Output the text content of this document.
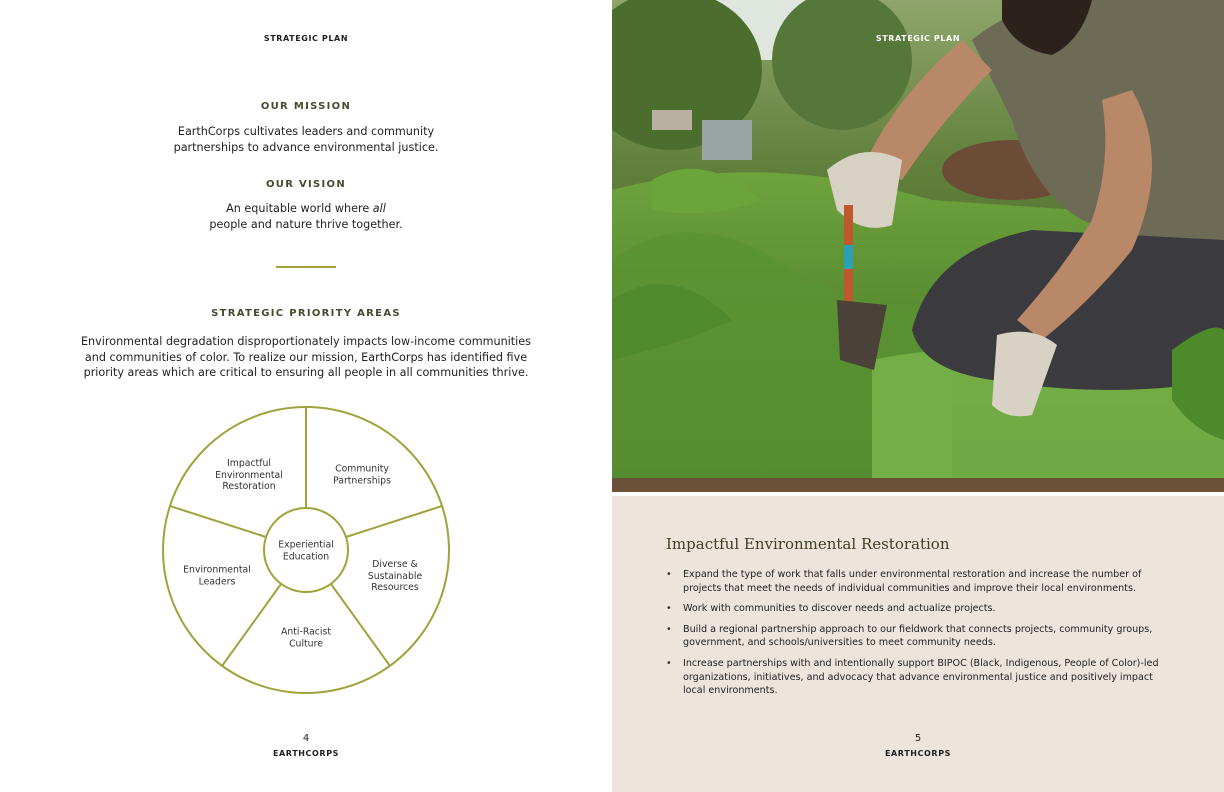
STRATEGIC PLAN
OUR MISSION
EarthCorps cultivates leaders and community
partnerships to advance environmental justice.
OUR VISION
An equitable world where all
people and nature thrive together.
STRATEGIC PRIORITY AREAS
Environmental degradation disproportionately impacts low-income communities
and communities of color. To realize our mission, EarthCorps has identified five
priority areas which are critical to ensuring all people in all communities thrive.
Experiential
Education
Impactful
Environmental
Restoration
Community
Partnerships
Diverse &
Sustainable
Resources
Anti-Racist
Culture
Environmental
Leaders
4
EARTHCORPS
STRATEGIC PLAN
Impactful Environmental Restoration
• Expand the type of work that falls under environmental restoration and increase the number of projects that meet the needs of individual communities and improve their local environments.
• Work with communities to discover needs and actualize projects.
• Build a regional partnership approach to our fieldwork that connects projects, community groups, government, and schools/universities to meet community needs.
• Increase partnerships with and intentionally support BIPOC (Black, Indigenous, People of Color)-led organizations, initiatives, and advocacy that advance environmental justice and positively impact local environments.
5
EARTHCORPS
